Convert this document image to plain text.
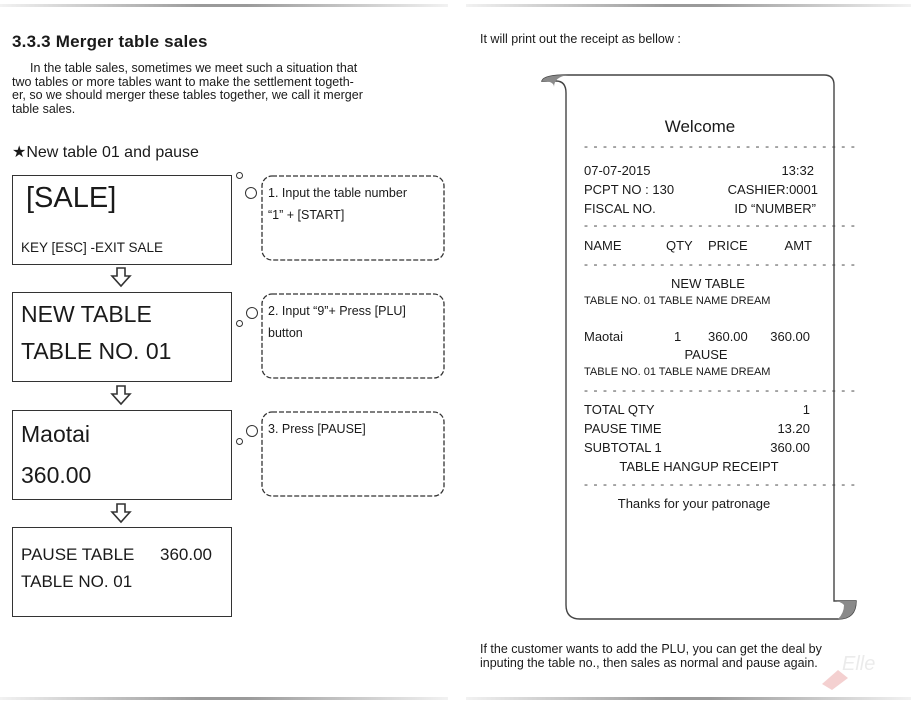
3.3.3 Merger table sales

In the table sales, sometimes we meet such a situation that

two tables or more tables want to make the settlement togeth-

er, so we should merger these tables together, we call it merger

table sales.

★New table 01 and pause
[SALE]
KEY [ESC] -EXIT SALE
NEW TABLE
TABLE NO. 01
Maotai
360.00
PAUSE TABLE 360.00
TABLE NO. 01
1. Input the table number
“1” + [START]
2. Input “9”+ Press [PLU]
button
3. Press [PAUSE]
It will print out the receipt as bellow :
Welcome
- - - - - - - - - - - - - - - - - - - - - - - - - - - - -
07-07-2015	13:32
PCPT NO : 130	CASHIER:0001
FISCAL NO.	ID “NUMBER”
- - - - - - - - - - - - - - - - - - - - - - - - - - - - -
NAME	QTY PRICE	AMT
- - - - - - - - - - - - - - - - - - - - - - - - - - - - -
NEW TABLE
TABLE NO. 01 TABLE NAME DREAM
Maotai	1 360.00 360.00
PAUSE
TABLE NO. 01 TABLE NAME DREAM
- - - - - - - - - - - - - - - - - - - - - - - - - - - - -
TOTAL QTY	1
PAUSE TIME	13.20
SUBTOTAL 1	360.00
TABLE HANGUP RECEIPT
- - - - - - - - - - - - - - - - - - - - - - - - - - - - -
Thanks for your patronage
If the customer wants to add the PLU, you can get the deal by
inputing the table no., then sales as normal and pause again.	Elle
